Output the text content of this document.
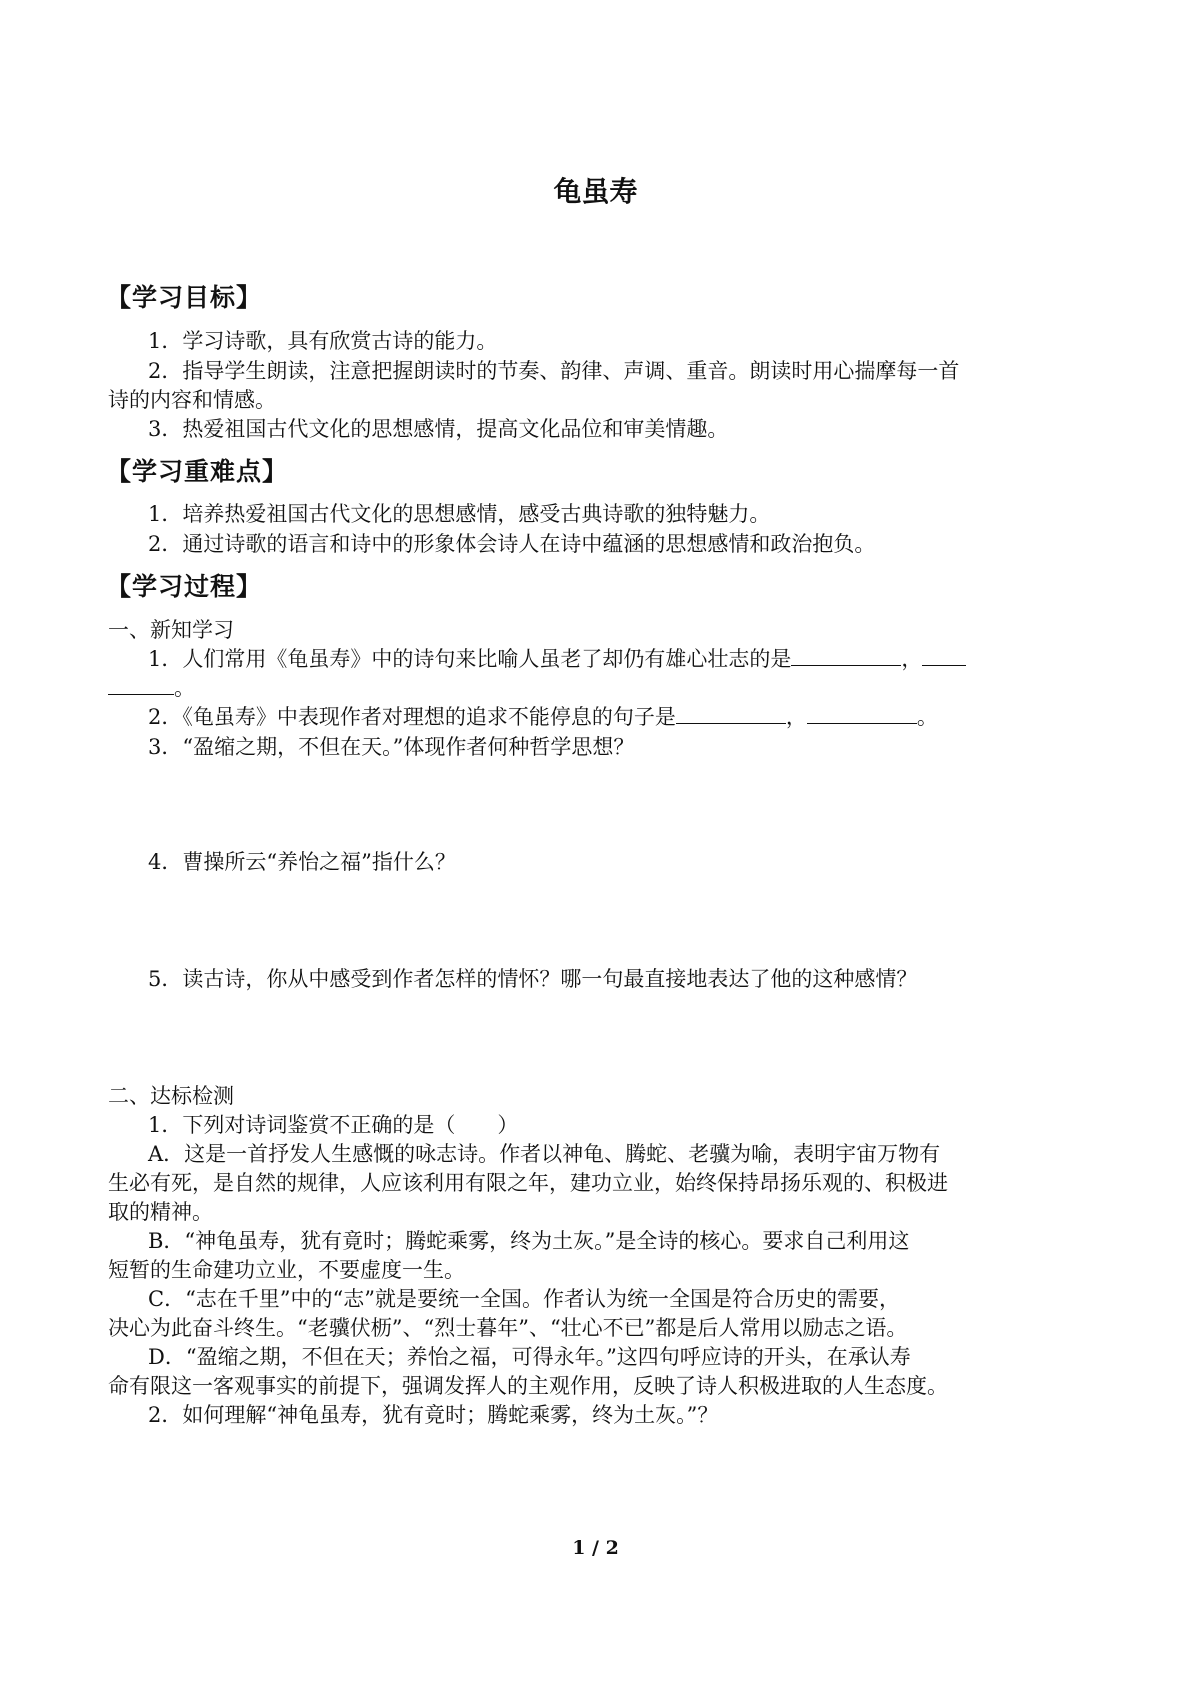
龟虽寿
【学习目标】
1．学习诗歌，具有欣赏古诗的能力。
2．指导学生朗读，注意把握朗读时的节奏、韵律、声调、重音。朗读时用心揣摩每一首
诗的内容和情感。
3．热爱祖国古代文化的思想感情，提高文化品位和审美情趣。
【学习重难点】
1．培养热爱祖国古代文化的思想感情，感受古典诗歌的独特魅力。
2．通过诗歌的语言和诗中的形象体会诗人在诗中蕴涵的思想感情和政治抱负。
【学习过程】
一、新知学习
1．人们常用《龟虽寿》中的诗句来比喻人虽老了却仍有雄心壮志的是	，
。
2．《龟虽寿》中表现作者对理想的追求不能停息的句子是	，	。
3．“盈缩之期，不但在天。”体现作者何种哲学思想？
4．曹操所云“养怡之福”指什么？
5．读古诗，你从中感受到作者怎样的情怀？哪一句最直接地表达了他的这种感情？
二、达标检测
1．下列对诗词鉴赏不正确的是（　　）
A．这是一首抒发人生感慨的咏志诗。作者以神龟、腾蛇、老骥为喻，表明宇宙万物有
生必有死，是自然的规律，人应该利用有限之年，建功立业，始终保持昂扬乐观的、积极进
取的精神。
B．“神龟虽寿，犹有竟时；腾蛇乘雾，终为土灰。”是全诗的核心。要求自己利用这
短暂的生命建功立业，不要虚度一生。
C．“志在千里”中的“志”就是要统一全国。作者认为统一全国是符合历史的需要，
决心为此奋斗终生。“老骥伏枥”、“烈士暮年”、“壮心不已”都是后人常用以励志之语。
D．“盈缩之期，不但在天；养怡之福，可得永年。”这四句呼应诗的开头，在承认寿
命有限这一客观事实的前提下，强调发挥人的主观作用，反映了诗人积极进取的人生态度。
2．如何理解“神龟虽寿，犹有竟时；腾蛇乘雾，终为土灰。”？
1 / 2
